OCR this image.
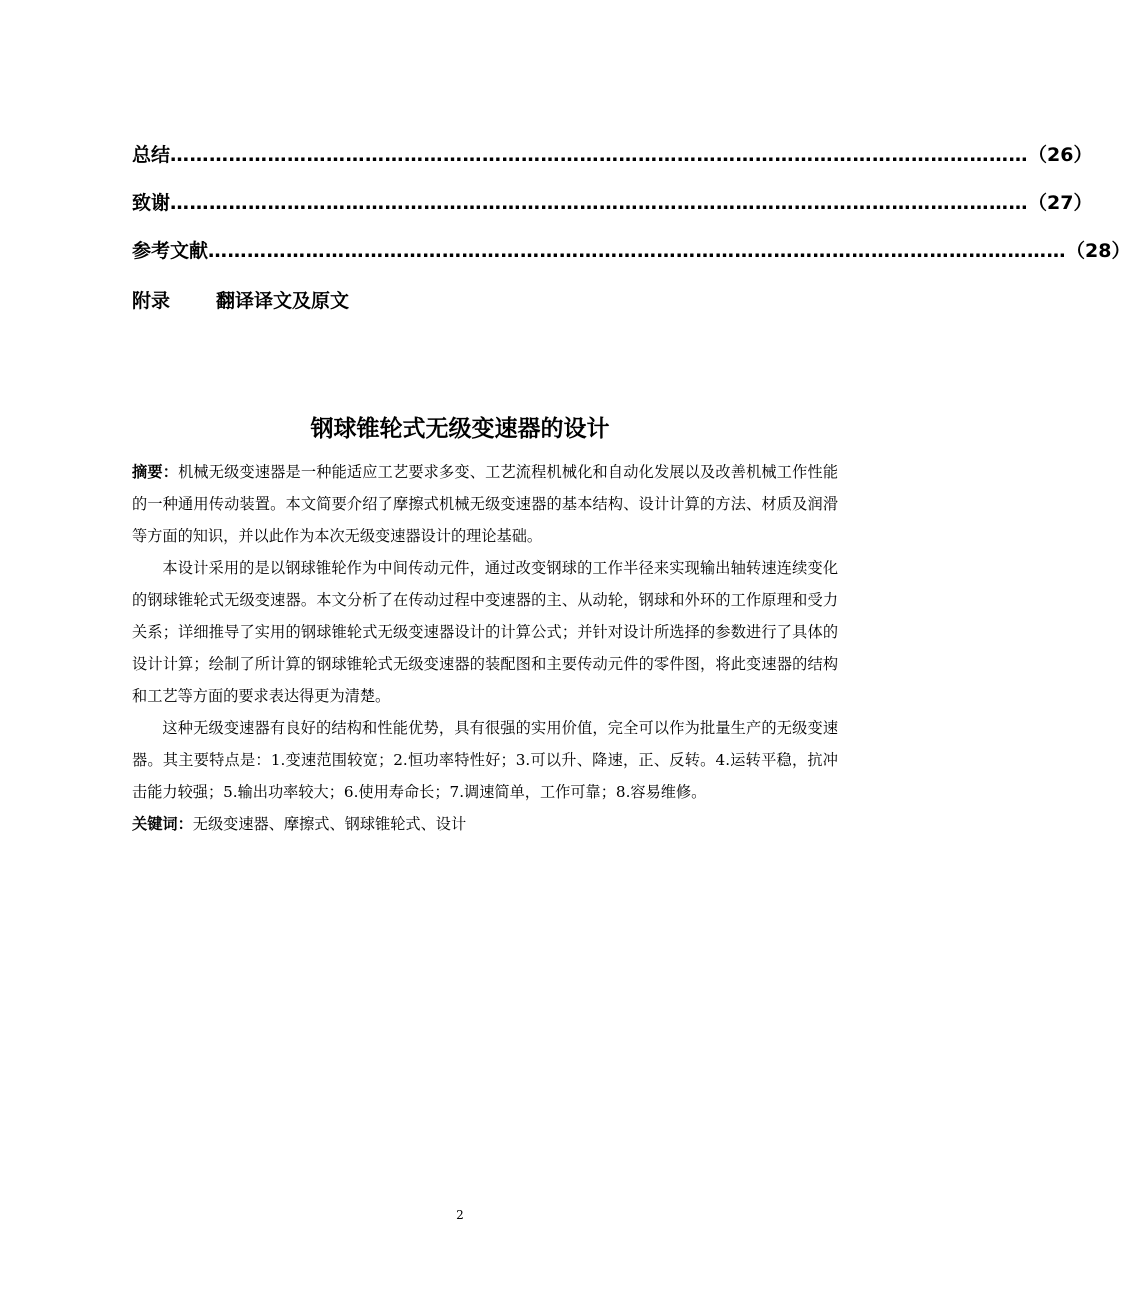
总结 …………………………………………………………………………………………………………………… （26）
致谢 …………………………………………………………………………………………………………………… （27）
参考文献 …………………………………………………………………………………………………………………… （28）
附录 翻译译文及原文
钢球锥轮式无级变速器的设计

摘要：机械无级变速器是一种能适应工艺要求多变、工艺流程机械化和自动化发展以及改善机械工作性能的一种通用传动装置。本文简要介绍了摩擦式机械无级变速器的基本结构、设计计算的方法、材质及润滑等方面的知识，并以此作为本次无级变速器设计的理论基础。

本设计采用的是以钢球锥轮作为中间传动元件，通过改变钢球的工作半径来实现输出轴转速连续变化的钢球锥轮式无级变速器。本文分析了在传动过程中变速器的主、从动轮，钢球和外环的工作原理和受力关系；详细推导了实用的钢球锥轮式无级变速器设计的计算公式；并针对设计所选择的参数进行了具体的设计计算；绘制了所计算的钢球锥轮式无级变速器的装配图和主要传动元件的零件图，将此变速器的结构和工艺等方面的要求表达得更为清楚。

这种无级变速器有良好的结构和性能优势，具有很强的实用价值，完全可以作为批量生产的无级变速器。其主要特点是：1.变速范围较宽；2.恒功率特性好；3.可以升、降速，正、反转。4.运转平稳，抗冲击能力较强；5.输出功率较大；6.使用寿命长；7.调速简单，工作可靠；8.容易维修。

关键词：无级变速器、摩擦式、钢球锥轮式、设计

2
